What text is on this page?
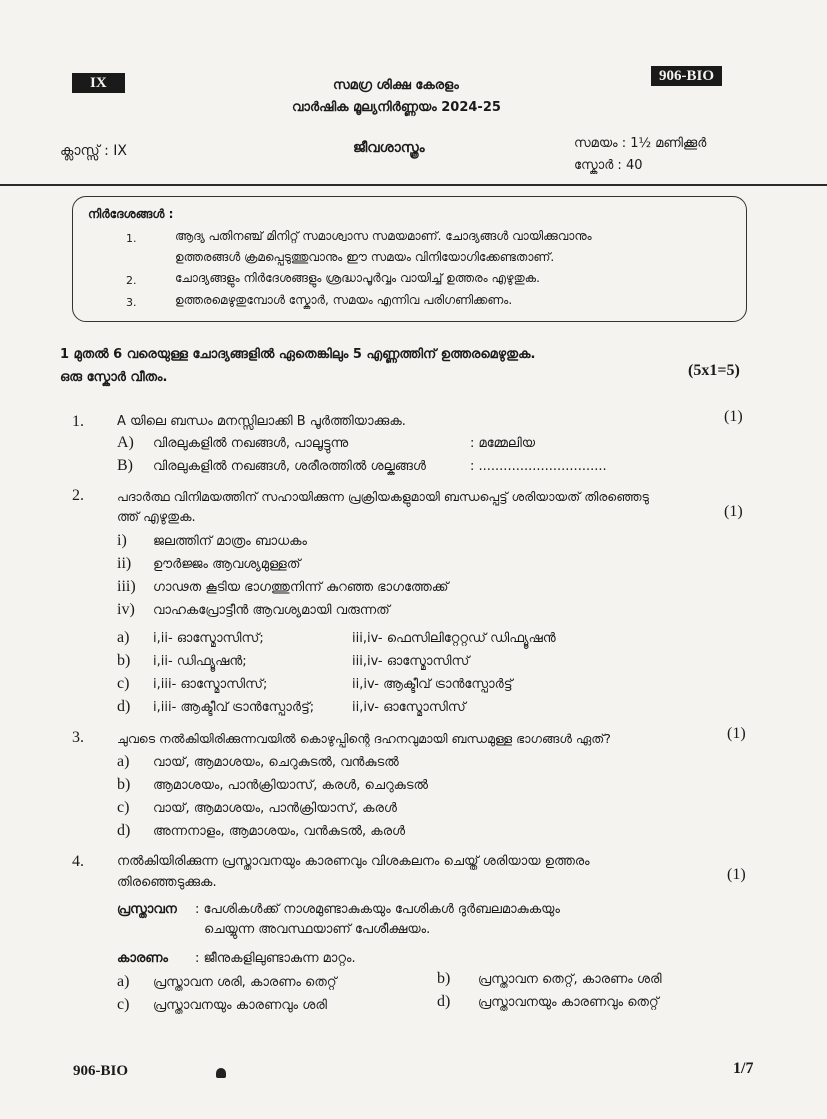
IX	906-BIO
സമഗ്ര ശിക്ഷ കേരളം
വാർഷിക മൂല്യനിർണ്ണയം 2024-25
ക്ലാസ്സ് : IX	ജീവശാസ്ത്രം	സമയം : 1½ മണിക്കൂർ
സ്കോർ : 40
നിർദേശങ്ങൾ :
1.	ആദ്യ പതിനഞ്ച് മിനിറ്റ് സമാശ്വാസ സമയമാണ്. ചോദ്യങ്ങൾ വായിക്കുവാനും
ഉത്തരങ്ങൾ ക്രമപ്പെടുത്തുവാനും ഈ സമയം വിനിയോഗിക്കേണ്ടതാണ്.
2.	ചോദ്യങ്ങളും നിർദേശങ്ങളും ശ്രദ്ധാപൂർവ്വം വായിച്ച് ഉത്തരം എഴുതുക.
3.	ഉത്തരമെഴുതുമ്പോൾ സ്കോർ, സമയം എന്നിവ പരിഗണിക്കണം.
1 മുതൽ 6 വരെയുള്ള ചോദ്യങ്ങളിൽ ഏതെങ്കിലും 5 എണ്ണത്തിന് ഉത്തരമെഴുതുക.
ഒരു സ്കോർ വീതം.	(5x1=5)
1.	A യിലെ ബന്ധം മനസ്സിലാക്കി B പൂർത്തിയാക്കുക.	(1)
A) വിരലുകളിൽ നഖങ്ങൾ, പാലൂട്ടുന്നു	: മമ്മേലിയ
B) വിരലുകളിൽ നഖങ്ങൾ, ശരീരത്തിൽ ശല്കങ്ങൾ	: ...............................
2.	പദാർത്ഥ വിനിമയത്തിന് സഹായിക്കുന്ന പ്രക്രിയകളുമായി ബന്ധപ്പെട്ട് ശരിയായത് തിരഞ്ഞെടു
ത്ത് എഴുതുക.	(1)
i) ജലത്തിന് മാത്രം ബാധകം
ii) ഊർജ്ജം ആവശ്യമുള്ളത്
iii) ഗാഢത കൂടിയ ഭാഗത്തുനിന്ന് കുറഞ്ഞ ഭാഗത്തേക്ക്
iv) വാഹകപ്രോട്ടീൻ ആവശ്യമായി വരുന്നത്
a) i,ii- ഓസ്മോസിസ്;	iii,iv- ഫെസിലിറ്റേറ്റഡ് ഡിഫ്യൂഷൻ
b) i,ii- ഡിഫ്യൂഷൻ;	iii,iv- ഓസ്മോസിസ്
c) i,iii- ഓസ്മോസിസ്;	ii,iv- ആക്ടീവ് ട്രാൻസ്പോർട്ട്
d) i,iii- ആക്ടീവ് ട്രാൻസ്പോർട്ട്;	ii,iv- ഓസ്മോസിസ്
3.	ചുവടെ നൽകിയിരിക്കുന്നവയിൽ കൊഴുപ്പിന്റെ ദഹനവുമായി ബന്ധമുള്ള ഭാഗങ്ങൾ ഏത്?	(1)
a) വായ്, ആമാശയം, ചെറുകുടൽ, വൻകുടൽ
b) ആമാശയം, പാൻക്രിയാസ്, കരൾ, ചെറുകുടൽ
c) വായ്, ആമാശയം, പാൻക്രിയാസ്, കരൾ
d) അന്നനാളം, ആമാശയം, വൻകുടൽ, കരൾ
4.	നൽകിയിരിക്കുന്ന പ്രസ്താവനയും കാരണവും വിശകലനം ചെയ്ത് ശരിയായ ഉത്തരം
തിരഞ്ഞെടുക്കുക.	(1)
പ്രസ്താവന : പേശികൾക്ക് നാശമുണ്ടാകുകയും പേശികൾ ദുർബലമാകുകയും
ചെയ്യുന്ന അവസ്ഥയാണ് പേശീക്ഷയം.
കാരണം : ജീനുകളിലുണ്ടാകുന്ന മാറ്റം.
a) പ്രസ്താവന ശരി, കാരണം തെറ്റ്	b) പ്രസ്താവന തെറ്റ്, കാരണം ശരി
c) പ്രസ്താവനയും കാരണവും ശരി	d) പ്രസ്താവനയും കാരണവും തെറ്റ്
906-BIO	1/7
